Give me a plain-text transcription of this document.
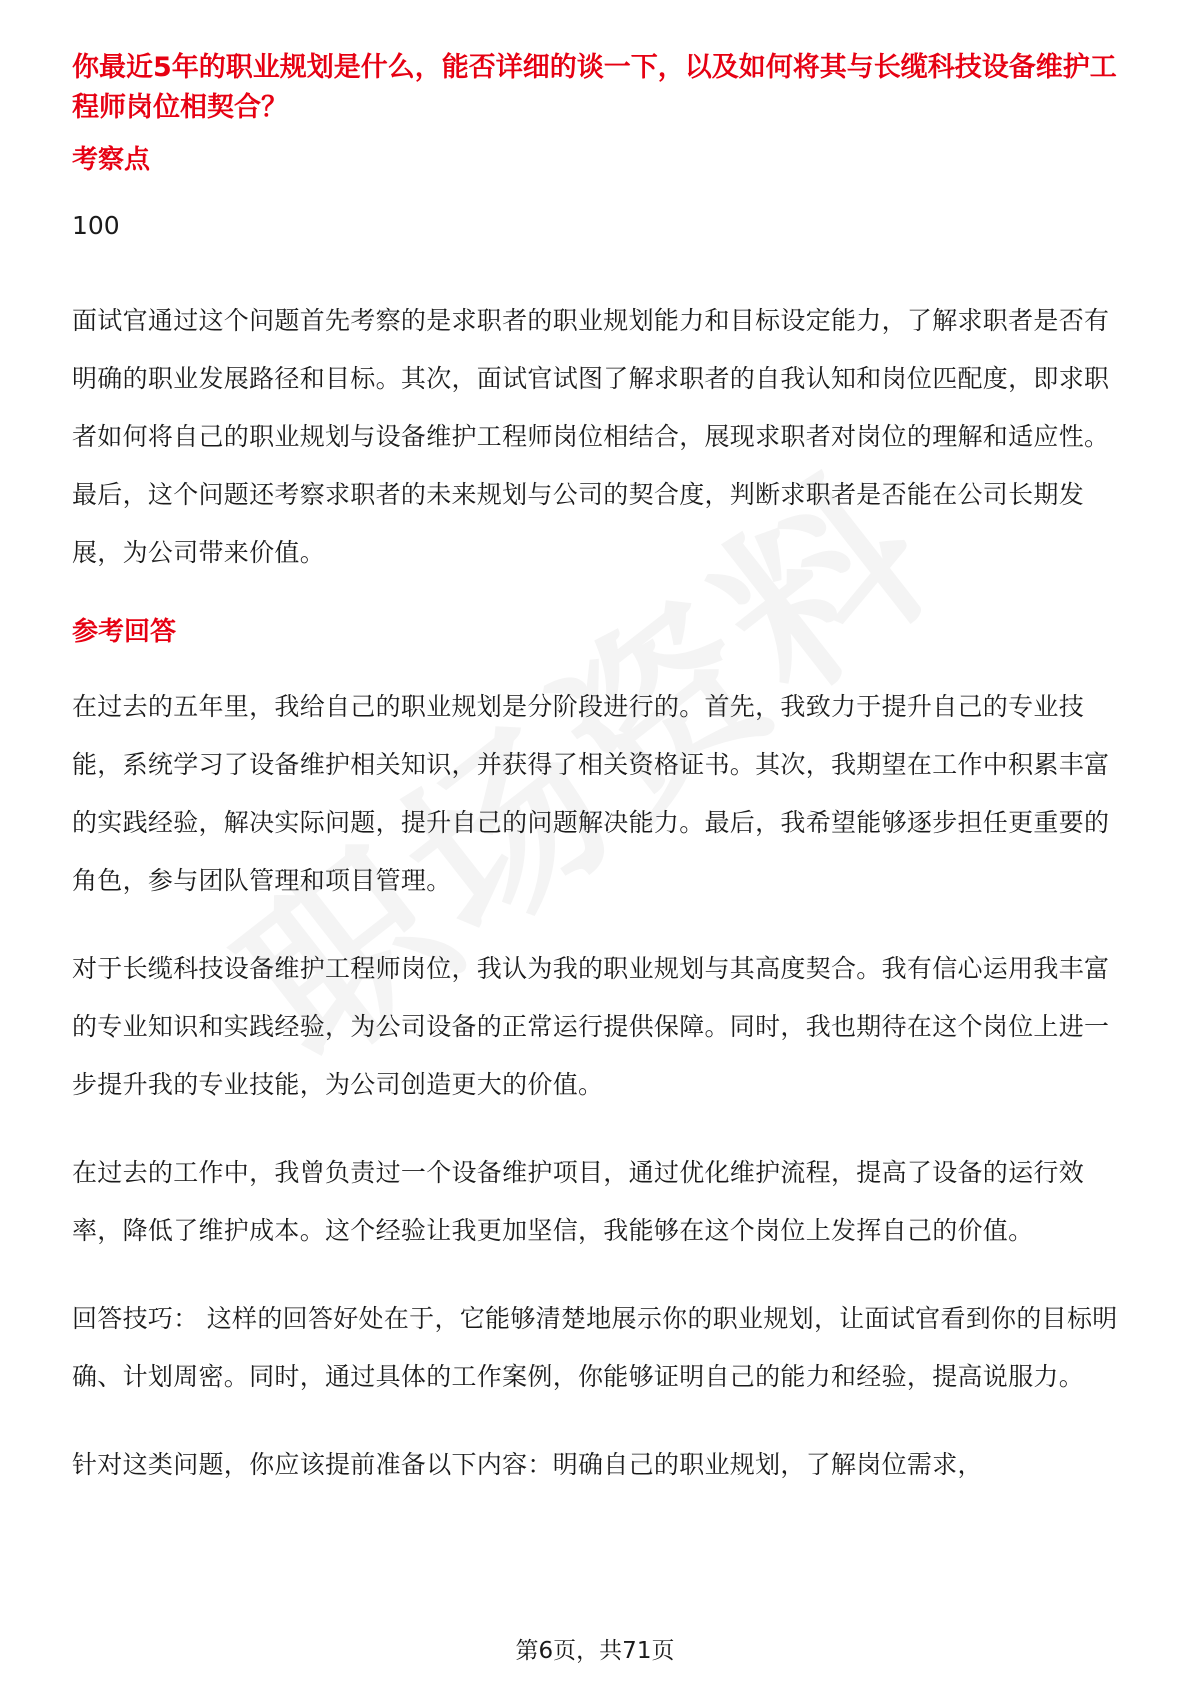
你最近5年的职业规划是什么，能否详细的谈一下，以及如何将其与长缆科技设备维护工程师岗位相契合？
考察点
100
面试官通过这个问题首先考察的是求职者的职业规划能力和目标设定能力，了解求职者是否有明确的职业发展路径和目标。其次，面试官试图了解求职者的自我认知和岗位匹配度，即求职者如何将自己的职业规划与设备维护工程师岗位相结合，展现求职者对岗位的理解和适应性。最后，这个问题还考察求职者的未来规划与公司的契合度，判断求职者是否能在公司长期发展，为公司带来价值。
参考回答
在过去的五年里，我给自己的职业规划是分阶段进行的。首先，我致力于提升自己的专业技能，系统学习了设备维护相关知识，并获得了相关资格证书。其次，我期望在工作中积累丰富的实践经验，解决实际问题，提升自己的问题解决能力。最后，我希望能够逐步担任更重要的角色，参与团队管理和项目管理。
对于长缆科技设备维护工程师岗位，我认为我的职业规划与其高度契合。我有信心运用我丰富的专业知识和实践经验，为公司设备的正常运行提供保障。同时，我也期待在这个岗位上进一步提升我的专业技能，为公司创造更大的价值。
在过去的工作中，我曾负责过一个设备维护项目，通过优化维护流程，提高了设备的运行效率，降低了维护成本。这个经验让我更加坚信，我能够在这个岗位上发挥自己的价值。
回答技巧： 这样的回答好处在于，它能够清楚地展示你的职业规划，让面试官看到你的目标明确、计划周密。同时，通过具体的工作案例，你能够证明自己的能力和经验，提高说服力。
针对这类问题，你应该提前准备以下内容：明确自己的职业规划，了解岗位需求，
第6页，共71页
